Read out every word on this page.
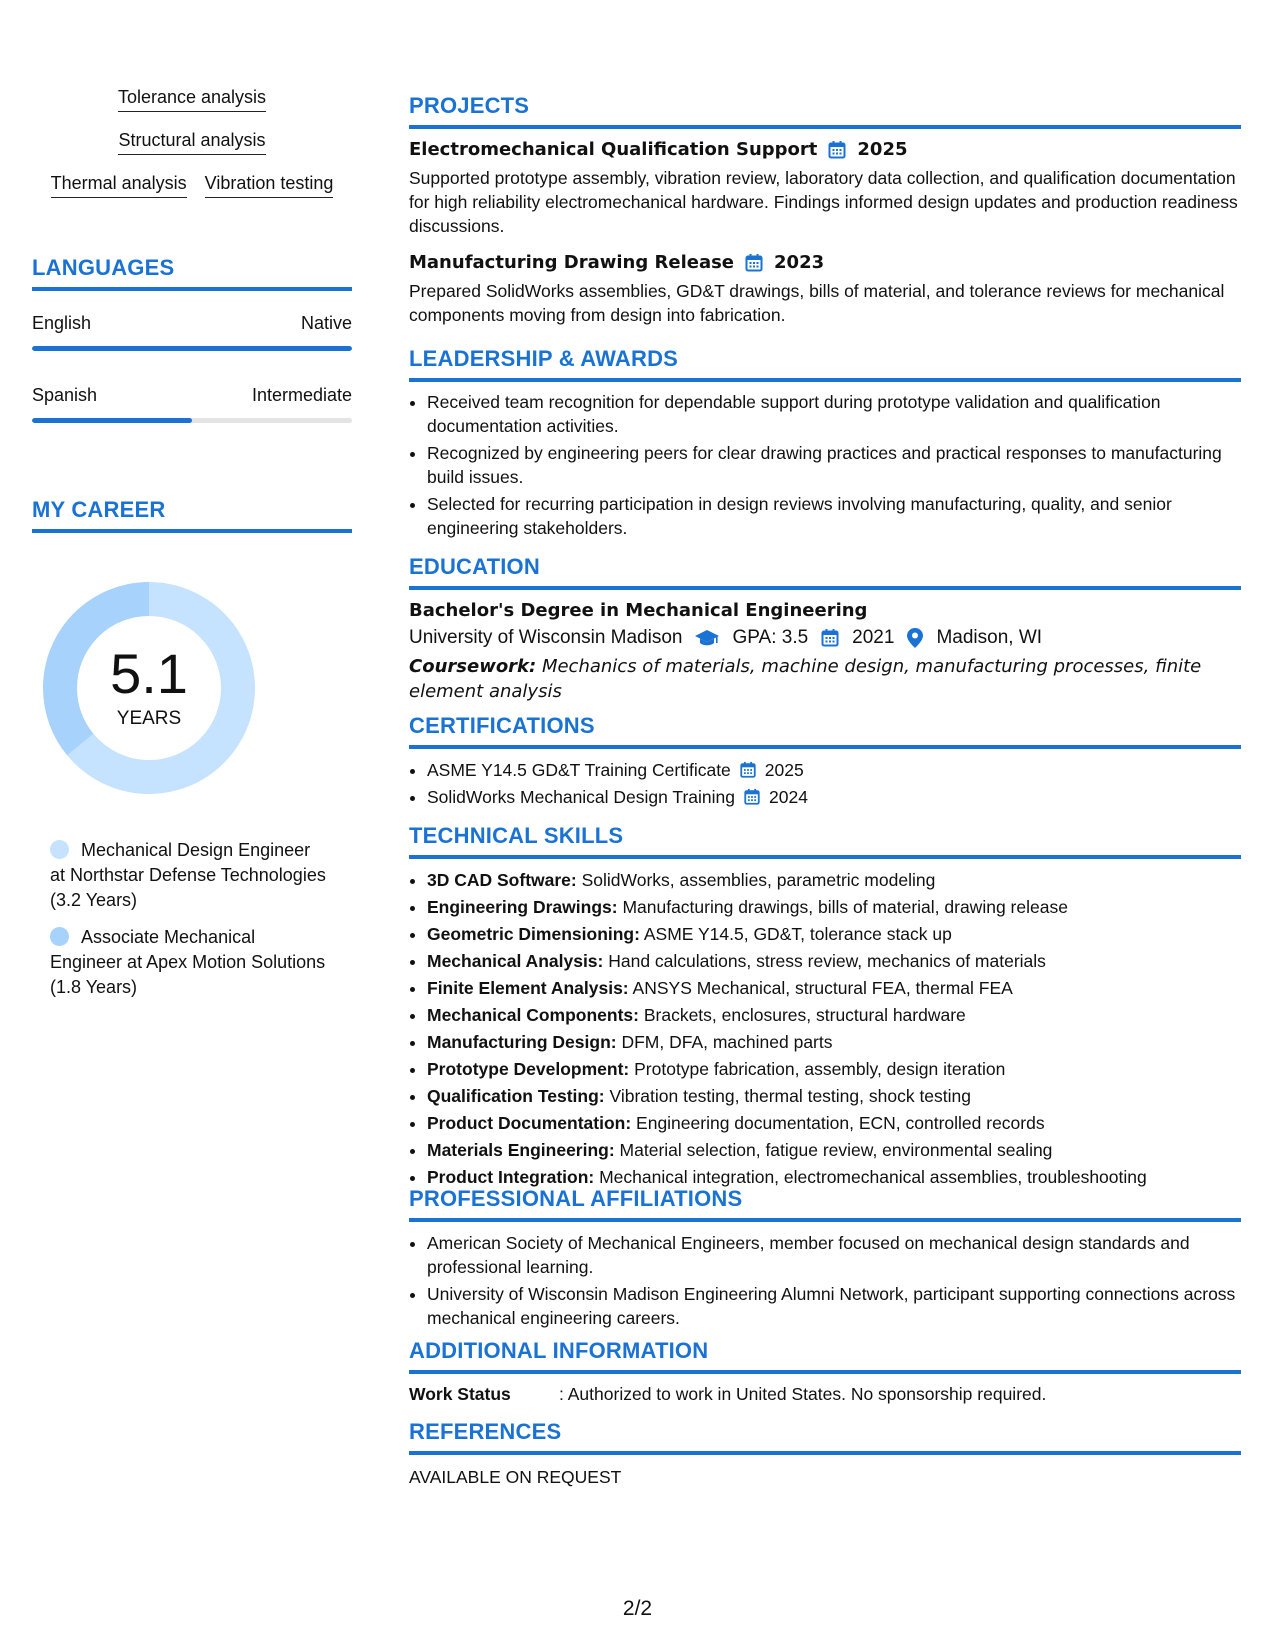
Tolerance analysis
Structural analysis
Thermal analysis Vibration testing
LANGUAGES
English	Native
Spanish	Intermediate
MY CAREER
5.1
YEARS
Mechanical Design Engineer at Northstar Defense Technologies (3.2 Years)
Associate Mechanical Engineer at Apex Motion Solutions (1.8 Years)
PROJECTS
Electromechanical Qualification Support 2025
Supported prototype assembly, vibration review, laboratory data collection, and qualification documentation for high reliability electromechanical hardware. Findings informed design updates and production readiness discussions.
Manufacturing Drawing Release 2023
Prepared SolidWorks assemblies, GD&T drawings, bills of material, and tolerance reviews for mechanical components moving from design into fabrication.
LEADERSHIP & AWARDS
• Received team recognition for dependable support during prototype validation and qualification documentation activities.
• Recognized by engineering peers for clear drawing practices and practical responses to manufacturing build issues.
• Selected for recurring participation in design reviews involving manufacturing, quality, and senior engineering stakeholders.
EDUCATION
Bachelor's Degree in Mechanical Engineering
University of Wisconsin Madison	GPA: 3.5 2021 Madison, WI
Coursework: Mechanics of materials, machine design, manufacturing processes, finite element analysis
CERTIFICATIONS
• ASME Y14.5 GD&T Training Certificate 2025
• SolidWorks Mechanical Design Training 2024
TECHNICAL SKILLS
• 3D CAD Software: SolidWorks, assemblies, parametric modeling
• Engineering Drawings: Manufacturing drawings, bills of material, drawing release
• Geometric Dimensioning: ASME Y14.5, GD&T, tolerance stack up
• Mechanical Analysis: Hand calculations, stress review, mechanics of materials
• Finite Element Analysis: ANSYS Mechanical, structural FEA, thermal FEA
• Mechanical Components: Brackets, enclosures, structural hardware
• Manufacturing Design: DFM, DFA, machined parts
• Prototype Development: Prototype fabrication, assembly, design iteration
• Qualification Testing: Vibration testing, thermal testing, shock testing
• Product Documentation: Engineering documentation, ECN, controlled records
• Materials Engineering: Material selection, fatigue review, environmental sealing
• Product Integration: Mechanical integration, electromechanical assemblies, troubleshooting
PROFESSIONAL AFFILIATIONS
• American Society of Mechanical Engineers, member focused on mechanical design standards and professional learning.
• University of Wisconsin Madison Engineering Alumni Network, participant supporting connections across mechanical engineering careers.
ADDITIONAL INFORMATION
Work Status	: Authorized to work in United States. No sponsorship required.
REFERENCES
AVAILABLE ON REQUEST
2/2
